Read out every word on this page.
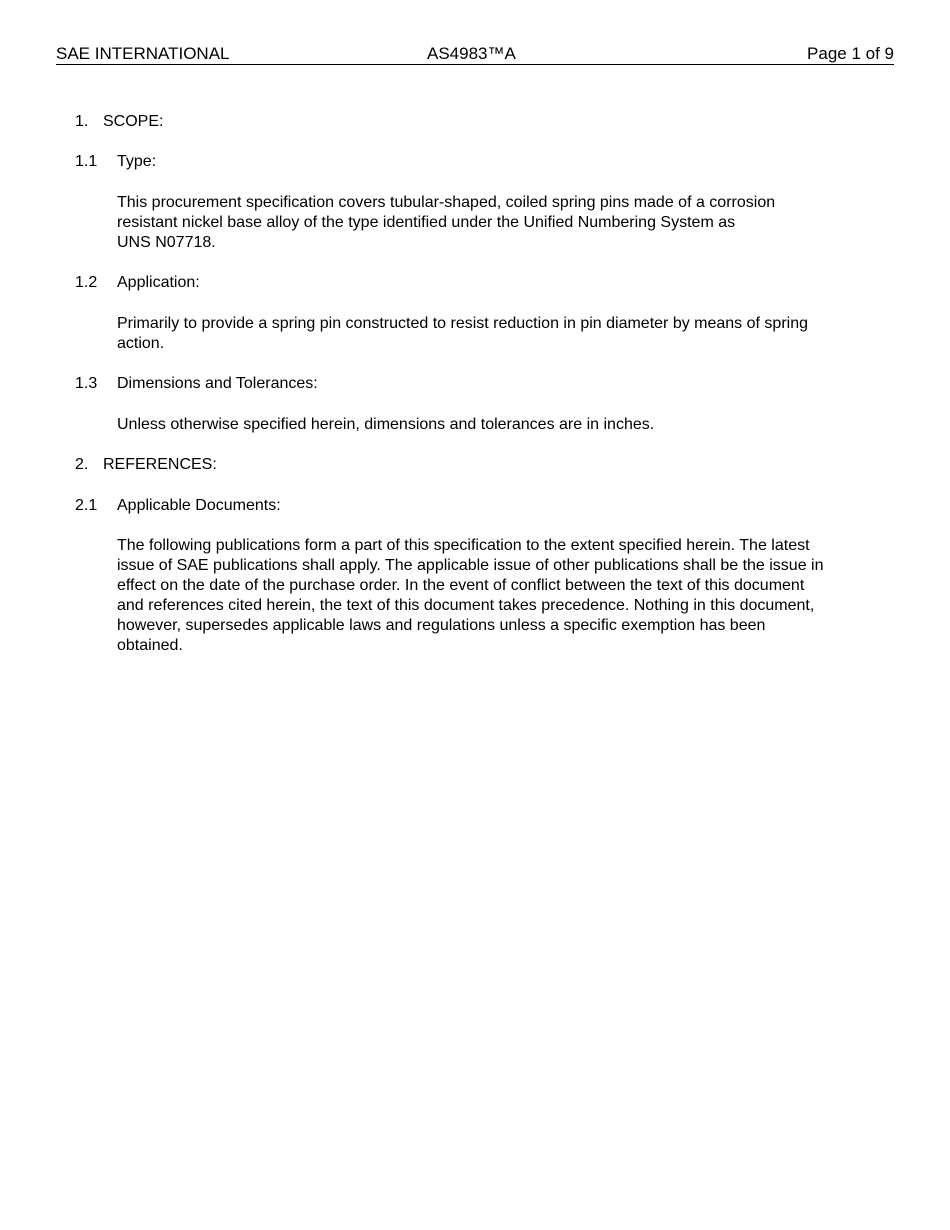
SAE INTERNATIONAL	AS4983™A	Page 1 of 9
1. SCOPE:
1.1 Type:

This procurement specification covers tubular-shaped, coiled spring pins made of a corrosion

resistant nickel base alloy of the type identified under the Unified Numbering System as

UNS N07718.

1.2 Application:

Primarily to provide a spring pin constructed to resist reduction in pin diameter by means of spring

action.

1.3 Dimensions and Tolerances:

Unless otherwise specified herein, dimensions and tolerances are in inches.

2. REFERENCES:
2.1 Applicable Documents:

The following publications form a part of this specification to the extent specified herein. The latest

issue of SAE publications shall apply. The applicable issue of other publications shall be the issue in

effect on the date of the purchase order. In the event of conflict between the text of this document

and references cited herein, the text of this document takes precedence. Nothing in this document,

however, supersedes applicable laws and regulations unless a specific exemption has been

obtained.
